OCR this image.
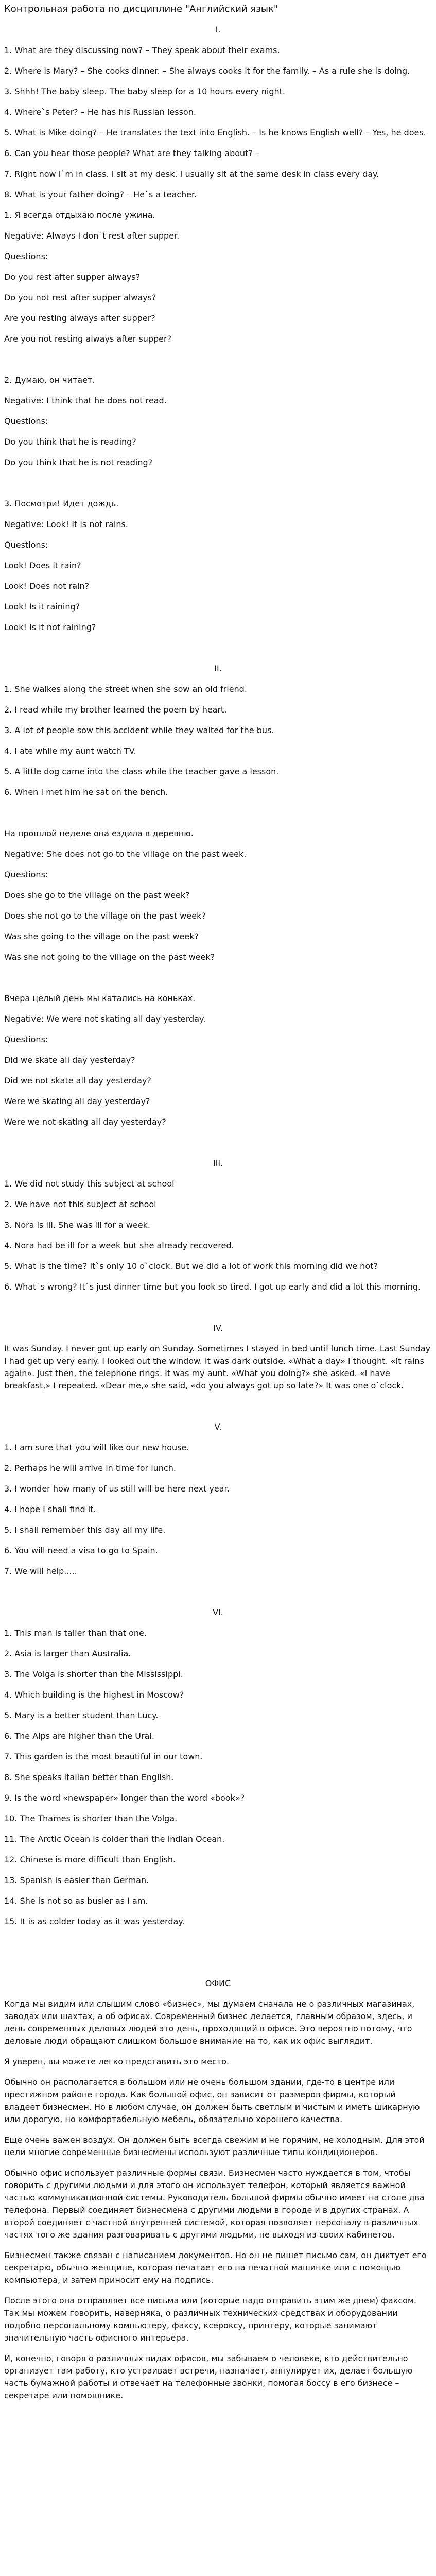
Контрольная работа по дисциплине "Английский язык"

I.

1. What are they discussing now? – They speak about their exams.

2. Where is Mary? – She cooks dinner. – She always cooks it for the family. – As a rule she is doing.

3. Shhh! The baby sleep. The baby sleep for a 10 hours every night.

4. Where`s Peter? – He has his Russian lesson.

5. What is Mike doing? – He translates the text into English. – Is he knows English well? – Yes, he does.

6. Can you hear those people? What are they talking about? –

7. Right now I`m in class. I sit at my desk. I usually sit at the same desk in class every day.

8. What is your father doing? – He`s a teacher.

1. Я всегда отдыхаю после ужина.

Negative: Always I don`t rest after supper.

Questions:

Do you rest after supper always?

Do you not rest after supper always?

Are you resting always after supper?

Are you not resting always after supper?

2. Думаю, он читает.

Negative: I think that he does not read.

Questions:

Do you think that he is reading?

Do you think that he is not reading?

3. Посмотри! Идет дождь.

Negative: Look! It is not rains.

Questions:

Look! Does it rain?

Look! Does not rain?

Look! Is it raining?

Look! Is it not raining?

II.

1. She walkes along the street when she sow an old friend.

2. I read while my brother learned the poem by heart.

3. A lot of people sow this accident while they waited for the bus.

4. I ate while my aunt watch TV.

5. A little dog came into the class while the teacher gave a lesson.

6. When I met him he sat on the bench.

На прошлой неделе она ездила в деревню.

Negative: She does not go to the village on the past week.

Questions:

Does she go to the village on the past week?

Does she not go to the village on the past week?

Was she going to the village on the past week?

Was she not going to the village on the past week?

Вчера целый день мы катались на коньках.

Negative: We were not skating all day yesterday.

Questions:

Did we skate all day yesterday?

Did we not skate all day yesterday?

Were we skating all day yesterday?

Were we not skating all day yesterday?

III.

1. We did not study this subject at school

2. We have not this subject at school

3. Nora is ill. She was ill for a week.

4. Nora had be ill for a week but she already recovered.

5. What is the time? It`s only 10 o`clock. But we did a lot of work this morning did we not?

6. What`s wrong? It`s just dinner time but you look so tired. I got up early and did a lot this morning.

IV.

It was Sunday. I never got up early on Sunday. Sometimes I stayed in bed until lunch time. Last Sunday I had get up very early. I looked out the window. It was dark outside. «What a day» I thought. «It rains again». Just then, the telephone rings. It was my aunt. «What you doing?» she asked. «I have breakfast,» I repeated. «Dear me,» she said, «do you always got up so late?» It was one o`clock.

V.

1. I am sure that you will like our new house.

2. Perhaps he will arrive in time for lunch.

3. I wonder how many of us still will be here next year.

4. I hope I shall find it.

5. I shall remember this day all my life.

6. You will need a visa to go to Spain.

7. We will help.....

VI.

1. This man is taller than that one.

2. Asia is larger than Australia.

3. The Volga is shorter than the Mississippi.

4. Which building is the highest in Moscow?

5. Mary is a better student than Lucy.

6. The Alps are higher than the Ural.

7. This garden is the most beautiful in our town.

8. She speaks Italian better than English.

9. Is the word «newspaper» longer than the word «book»?

10. The Thames is shorter than the Volga.

11. The Arctic Ocean is colder than the Indian Ocean.

12. Chinese is more difficult than English.

13. Spanish is easier than German.

14. She is not so as busier as I am.

15. It is as colder today as it was yesterday.

ОФИС

Когда мы видим или слышим слово «бизнес», мы думаем сначала не о различных магазинах, заводах или шахтах, а об офисах. Современный бизнес делается, главным образом, здесь, и день современных деловых людей это день, проходящий в офисе. Это вероятно потому, что деловые люди обращают слишком большое внимание на то, как их офис выглядит.

Я уверен, вы можете легко представить это место.

Обычно он располагается в большом или не очень большом здании, где-то в центре или престижном районе города. Как большой офис, он зависит от размеров фирмы, который владеет бизнесмен. Но в любом случае, он должен быть светлым и чистым и иметь шикарную или дорогую, но комфортабельную мебель, обязательно хорошего качества.

Еще очень важен воздух. Он должен быть всегда свежим и не горячим, не холодным. Для этой цели многие современные бизнесмены используют различные типы кондиционеров.

Обычно офис использует различные формы связи. Бизнесмен часто нуждается в том, чтобы говорить с другими людьми и для этого он использует телефон, который является важной частью коммуникационной системы. Руководитель большой фирмы обычно имеет на столе два телефона. Первый соединяет бизнесмена с другими людьми в городе и в других странах. А второй соединяет с частной внутренней системой, которая позволяет персоналу в различных частях того же здания разговаривать с другими людьми, не выходя из своих кабинетов.

Бизнесмен также связан с написанием документов. Но он не пишет письмо сам, он диктует его секретарю, обычно женщине, которая печатает его на печатной машинке или с помощью компьютера, и затем приносит ему на подпись.

После этого она отправляет все письма или (которые надо отправить этим же днем) факсом. Так мы можем говорить, наверняка, о различных технических средствах и оборудовании подобно персональному компьютеру, факсу, ксероксу, принтеру, которые занимают значительную часть офисного интерьера.

И, конечно, говоря о различных видах офисов, мы забываем о человеке, кто действительно организует там работу, кто устраивает встречи, назначает, аннулирует их, делает большую часть бумажной работы и отвечает на телефонные звонки, помогая боссу в его бизнесе – секретаре или помощнике.
